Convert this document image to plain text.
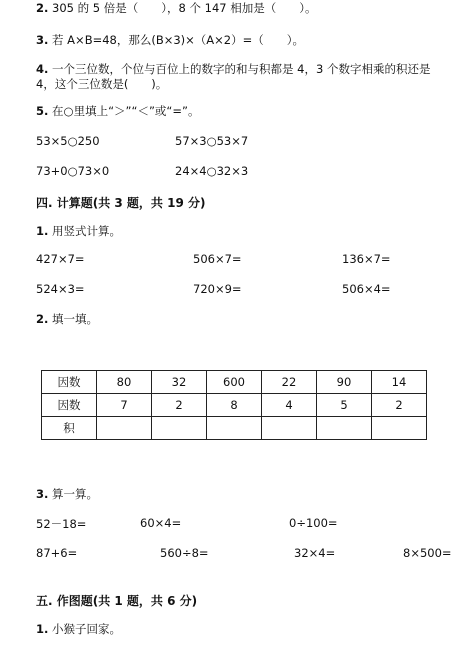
2. 305 的 5 倍是（　　），8 个 147 相加是（　　）。
3. 若 A×B=48，那么(B×3)×（A×2）=（　　）。
4. 一个三位数，个位与百位上的数字的和与积都是 4，3 个数字相乘的积还是
4，这个三位数是(　　)。
5. 在○里填上“＞”“＜”或“=”。
53×5○250	57×3○53×7
73+0○73×0	24×4○32×3
四. 计算题(共 3 题，共 19 分)
1. 用竖式计算。
427×7=	506×7=	136×7=
524×3=	720×9=	506×4=
2. 填一填。
因数	80	32	600	22	90	14
因数	7	2	8	4	5	2
积						
3. 算一算。
52－18=	60×4=	0÷100=
87+6=	560÷8=	32×4=	8×500=
五. 作图题(共 1 题，共 6 分)
1. 小猴子回家。
